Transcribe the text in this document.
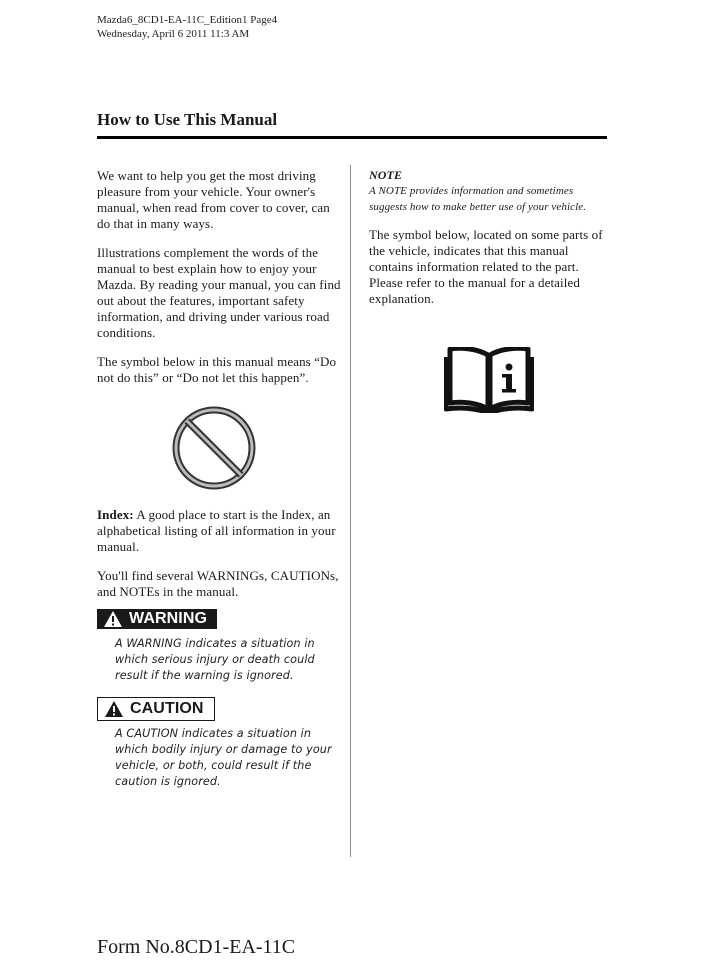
Mazda6_8CD1-EA-11C_Edition1 Page4
Wednesday, April 6 2011 11:3 AM
How to Use This Manual

We want to help you get the most driving pleasure from your vehicle. Your owner's manual, when read from cover to cover, can do that in many ways.

Illustrations complement the words of the manual to best explain how to enjoy your Mazda. By reading your manual, you can find out about the features, important safety information, and driving under various road conditions.

The symbol below in this manual means “Do not do this” or “Do not let this happen”.

Index: A good place to start is the Index, an alphabetical listing of all information in your manual.

You'll find several WARNINGs, CAUTIONs, and NOTEs in the manual.

WARNING

A WARNING indicates a situation in which serious injury or death could result if the warning is ignored.

CAUTION

A CAUTION indicates a situation in which bodily injury or damage to your vehicle, or both, could result if the caution is ignored.

NOTE

A NOTE provides information and sometimes suggests how to make better use of your vehicle.

The symbol below, located on some parts of the vehicle, indicates that this manual contains information related to the part. Please refer to the manual for a detailed explanation.

Form No.8CD1-EA-11C
